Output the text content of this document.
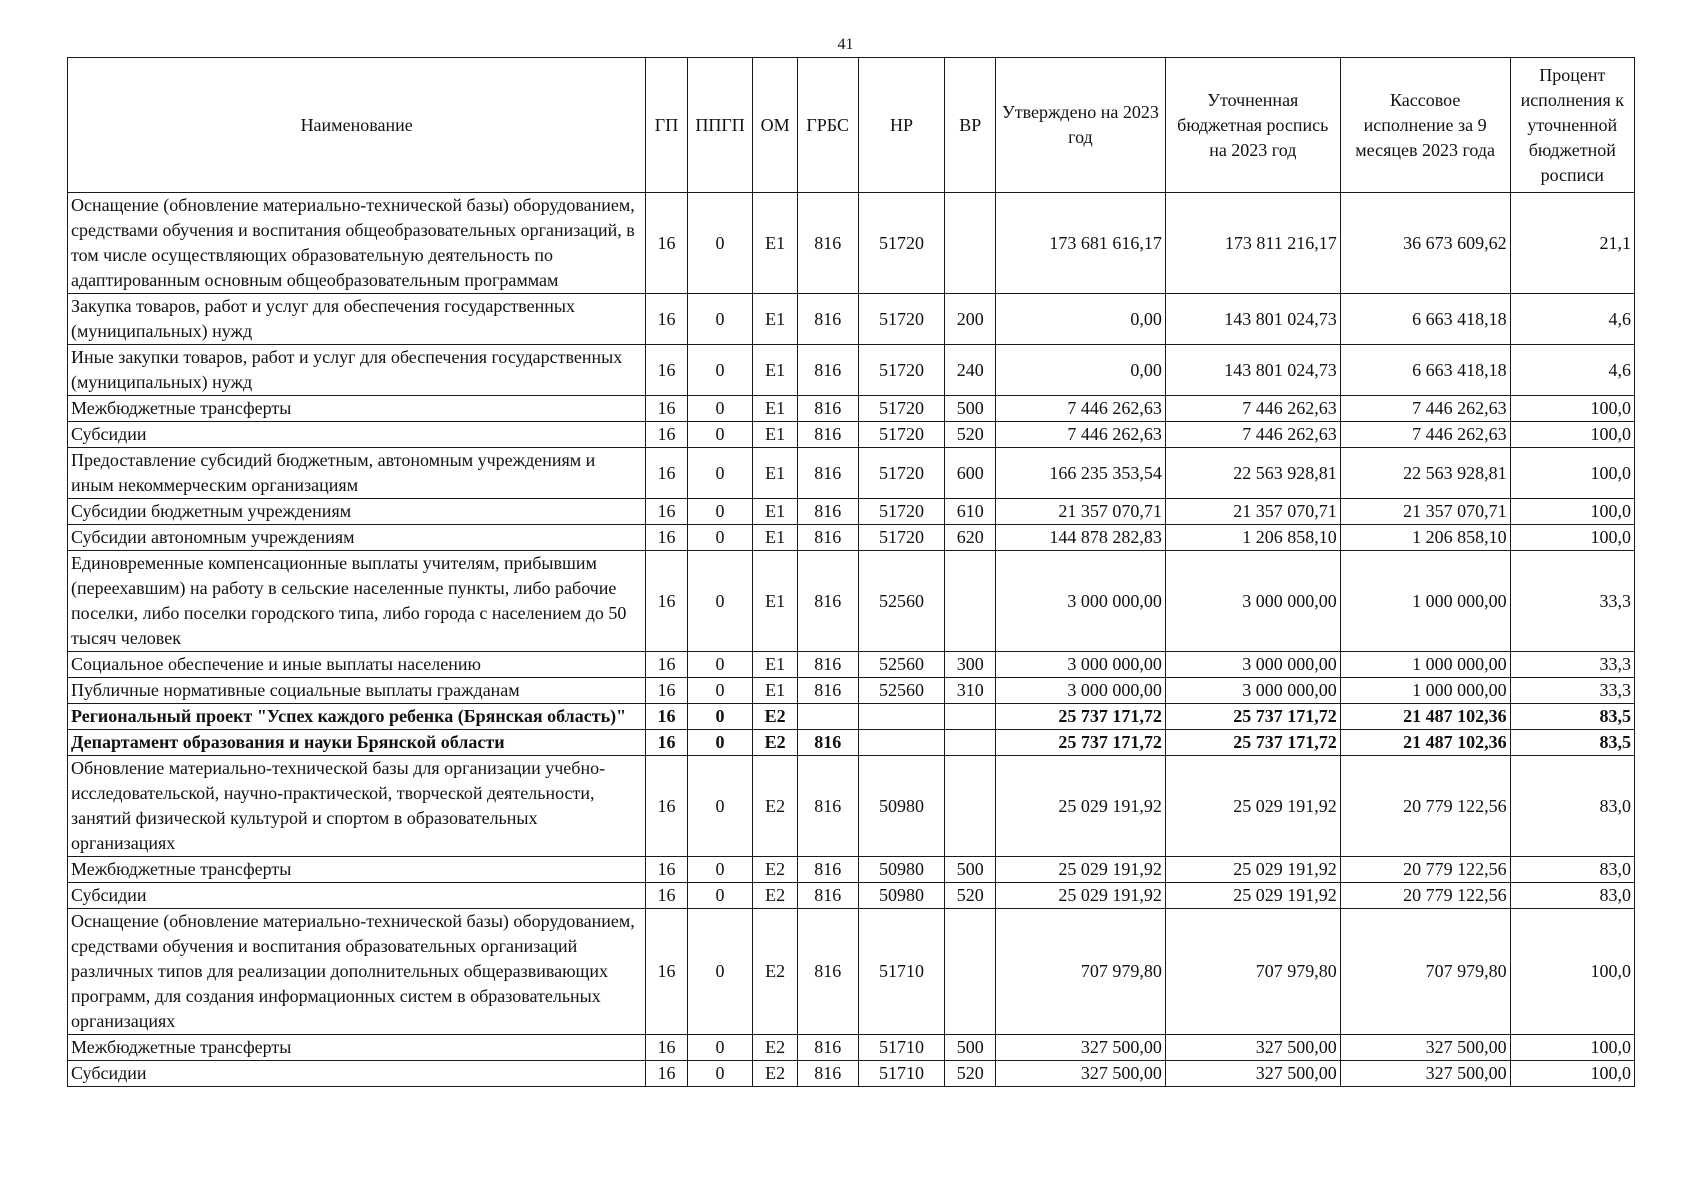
41
Наименование	ГП	ППГП	ОМ	ГРБС	НР	ВР	Утверждено на 2023 год	Уточненная бюджетная роспись на 2023 год	Кассовое исполнение за 9 месяцев 2023 года	Процент исполнения к уточненной бюджетной росписи
Оснащение (обновление материально-технической базы) оборудованием, средствами обучения и воспитания общеобразовательных организаций, в том числе осуществляющих образовательную деятельность по адаптированным основным общеобразовательным программам	16	0	E1	816	51720		173 681 616,17	173 811 216,17	36 673 609,62	21,1
Закупка товаров, работ и услуг для обеспечения государственных (муниципальных) нужд	16	0	E1	816	51720	200	0,00	143 801 024,73	6 663 418,18	4,6
Иные закупки товаров, работ и услуг для обеспечения государственных (муниципальных) нужд	16	0	E1	816	51720	240	0,00	143 801 024,73	6 663 418,18	4,6
Межбюджетные трансферты	16	0	E1	816	51720	500	7 446 262,63	7 446 262,63	7 446 262,63	100,0
Субсидии	16	0	E1	816	51720	520	7 446 262,63	7 446 262,63	7 446 262,63	100,0
Предоставление субсидий бюджетным, автономным учреждениям и иным некоммерческим организациям	16	0	E1	816	51720	600	166 235 353,54	22 563 928,81	22 563 928,81	100,0
Субсидии бюджетным учреждениям	16	0	E1	816	51720	610	21 357 070,71	21 357 070,71	21 357 070,71	100,0
Субсидии автономным учреждениям	16	0	E1	816	51720	620	144 878 282,83	1 206 858,10	1 206 858,10	100,0
Единовременные компенсационные выплаты учителям, прибывшим (переехавшим) на работу в сельские населенные пункты, либо рабочие поселки, либо поселки городского типа, либо города с населением до 50 тысяч человек	16	0	E1	816	52560		3 000 000,00	3 000 000,00	1 000 000,00	33,3
Социальное обеспечение и иные выплаты населению	16	0	E1	816	52560	300	3 000 000,00	3 000 000,00	1 000 000,00	33,3
Публичные нормативные социальные выплаты гражданам	16	0	E1	816	52560	310	3 000 000,00	3 000 000,00	1 000 000,00	33,3
Региональный проект "Успех каждого ребенка (Брянская область)"	16	0	E2				25 737 171,72	25 737 171,72	21 487 102,36	83,5
Департамент образования и науки Брянской области	16	0	E2	816			25 737 171,72	25 737 171,72	21 487 102,36	83,5
Обновление материально-технической базы для организации учебно-исследовательской, научно-практической, творческой деятельности, занятий физической культурой и спортом в образовательных организациях	16	0	E2	816	50980		25 029 191,92	25 029 191,92	20 779 122,56	83,0
Межбюджетные трансферты	16	0	E2	816	50980	500	25 029 191,92	25 029 191,92	20 779 122,56	83,0
Субсидии	16	0	E2	816	50980	520	25 029 191,92	25 029 191,92	20 779 122,56	83,0
Оснащение (обновление материально-технической базы) оборудованием, средствами обучения и воспитания образовательных организаций различных типов для реализации дополнительных общеразвивающих программ, для создания информационных систем в образовательных организациях	16	0	E2	816	51710		707 979,80	707 979,80	707 979,80	100,0
Межбюджетные трансферты	16	0	E2	816	51710	500	327 500,00	327 500,00	327 500,00	100,0
Субсидии	16	0	E2	816	51710	520	327 500,00	327 500,00	327 500,00	100,0
